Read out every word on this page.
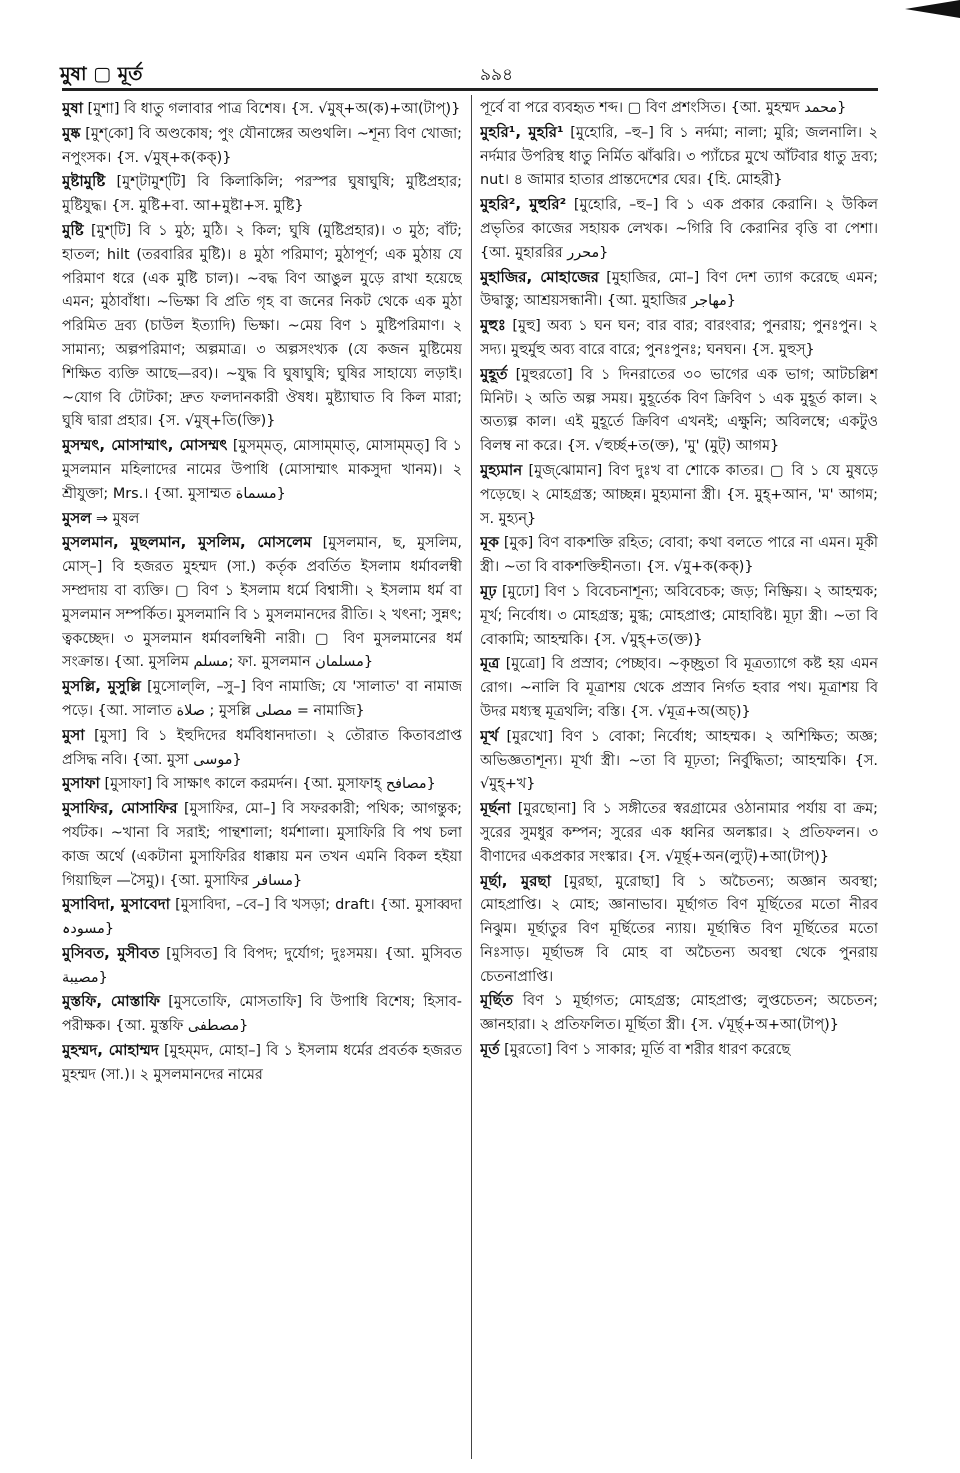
মুষা ▢ মূর্ত	৯৯৪
মুষা [মুশা] বি ধাতু গলাবার পাত্র বিশেষ। {স. √মুষ্+অ(ক)+আ(টাপ্)}
মুষ্ক [মুশ্‌কো] বি অণ্ডকোষ; পুং যৌনাঙ্গের অণ্ডথলি। ~শূন্য বিণ খোজা; নপুংসক। {স. √মুষ্+ক(কক্)}
মুষ্টামুষ্টি [মুশ্‌টামুশ্‌টি] বি কিলাকিলি; পরস্পর ঘুষাঘুষি; মুষ্টিপ্রহার; মুষ্টিযুদ্ধ। {স. মুষ্টি+বা. আ+মুষ্টা+স. মুষ্টি}
মুষ্টি [মুশ্‌টি] বি ১ মুঠ; মুঠি। ২ কিল; ঘুষি (মুষ্টিপ্রহার)। ৩ মুঠ; বাঁট; হাতল; hilt (তরবারির মুষ্টি)। ৪ মুঠা পরিমাণ; মুঠাপূর্ণ; এক মুঠায় যে পরিমাণ ধরে (এক মুষ্টি চাল)। ~বদ্ধ বিণ আঙুল মুড়ে রাখা হয়েছে এমন; মুঠাবাঁধা। ~ভিক্ষা বি প্রতি গৃহ বা জনের নিকট থেকে এক মুঠা পরিমিত দ্রব্য (চাউল ইত্যাদি) ভিক্ষা। ~মেয় বিণ ১ মুষ্টিপরিমাণ। ২ সামান্য; অল্পপরিমাণ; অল্পমাত্র। ৩ অল্পসংখ্যক (যে কজন মুষ্টিমেয় শিক্ষিত ব্যক্তি আছে—রব)। ~যুদ্ধ বি ঘুষাঘুষি; ঘুষির সাহায্যে লড়াই। ~যোগ বি টোটকা; দ্রুত ফলদানকারী ঔষধ। মুষ্ট্যাঘাত বি কিল মারা; ঘুষি দ্বারা প্রহার। {স. √মুষ্+তি(ক্তি)}
মুসম্মৎ, মোসাম্মাৎ, মোসম্মৎ [মুসম্‌মত্‌, মোসাম্‌মাত্‌, মোসাম্‌মত্‌] বি ১ মুসলমান মহিলাদের নামের উপাধি (মোসাম্মাৎ মাকসুদা খানম)। ২ শ্রীযুক্তা; Mrs.। {আ. মুসাম্মত مسماة}
মুসল ⇒ মুষল
মুসলমান, মুছলমান, মুসলিম, মোসলেম [মুসলমান, ছ, মুসলিম, মোস্‌–] বি হজরত মুহম্মদ (সা.) কর্তৃক প্রবর্তিত ইসলাম ধর্মাবলম্বী সম্প্রদায় বা ব্যক্তি। ▢ বিণ ১ ইসলাম ধর্মে বিশ্বাসী। ২ ইসলাম ধর্ম বা মুসলমান সম্পর্কিত। মুসলমানি বি ১ মুসলমানদের রীতি। ২ খৎনা; সুন্নৎ; ত্বকচ্ছেদ। ৩ মুসলমান ধর্মাবলম্বিনী নারী। ▢ বিণ মুসলমানের ধর্ম সংক্রান্ত। {আ. মুসলিম مسلم; ফা. মুসলমান مسلمان}
মুসল্লি, মুসুল্লি [মুসোল্‌লি, –সু–] বিণ নামাজি; যে 'সালাত' বা নামাজ পড়ে। {আ. সালাত صلاة ; মুসল্লি مصلی = নামাজি}
মুসা [মুসা] বি ১ ইহুদিদের ধর্মবিধানদাতা। ২ তৌরাত কিতাবপ্রাপ্ত প্রসিদ্ধ নবি। {আ. মুসা موسی}
মুসাফা [মুসাফা] বি সাক্ষাৎ কালে করমর্দন। {আ. মুসাফাহ্‌ مصافح}
মুসাফির, মোসাফির [মুসাফির, মো–] বি সফরকারী; পথিক; আগন্তুক; পর্যটক। ~খানা বি সরাই; পান্থশালা; ধর্মশালা। মুসাফিরি বি পথ চলা কাজ অর্থে (একটানা মুসাফিরির ধাক্কায় মন তখন এমনি বিকল হইয়া গিয়াছিল —সৈমু)। {আ. মুসাফির مسافر}
মুসাবিদা, মুসাবেদা [মুসাবিদা, –বে–] বি খসড়া; draft। {আ. মুসাব্বদা مسودہ}
মুসিবত, মুসীবত [মুসিবত] বি বিপদ; দুর্যোগ; দুঃসময়। {আ. মুসিবত مصیبة}
মুস্তফি, মোস্তাফি [মুসতোফি, মোসতাফি] বি উপাধি বিশেষ; হিসাব-পরীক্ষক। {আ. মুস্তফি مصطفى}
মুহম্মদ, মোহাম্মদ [মুহম্‌মদ, মোহা–] বি ১ ইসলাম ধর্মের প্রবর্তক হজরত মুহম্মদ (সা.)। ২ মুসলমানদের নামের
পূর্বে বা পরে ব্যবহৃত শব্দ। ▢ বিণ প্রশংসিত। {আ. মুহম্মদ محمد}
মুহরি¹, মুহরি¹ [মুহোরি, –হু–] বি ১ নর্দমা; নালা; মুরি; জলনালি। ২ নর্দমার উপরিস্থ ধাতু নির্মিত ঝাঁঝরি। ৩ প্যাঁচের মুখে আঁটবার ধাতু দ্রব্য; nut। ৪ জামার হাতার প্রান্তদেশের ঘের। {হি. মোহরী}
মুহরি², মুহুরি² [মুহোরি, –হু–] বি ১ এক প্রকার কেরানি। ২ উকিল প্রভৃতির কাজের সহায়ক লেখক। ~গিরি বি কেরানির বৃত্তি বা পেশা। {আ. মুহাররির محرر}
মুহাজির, মোহাজের [মুহাজির, মো–] বিণ দেশ ত্যাগ করেছে এমন; উদ্বাস্তু; আশ্রয়সন্ধানী। {আ. মুহাজির مهاجر}
মুহুঃ [মুহু] অব্য ১ ঘন ঘন; বার বার; বারংবার; পুনরায়; পুনঃপুন। ২ সদ্য। মুহুর্মুহু অব্য বারে বারে; পুনঃপুনঃ; ঘনঘন। {স. মুহুস্}
মুহূর্ত [মুহুরতো] বি ১ দিনরাতের ৩০ ভাগের এক ভাগ; আটচল্লিশ মিনিট। ২ অতি অল্প সময়। মুহূর্তেক বিণ ক্রিবিণ ১ এক মুহূর্ত কাল। ২ অত্যল্প কাল। এই মুহূর্তে ক্রিবিণ এখনই; এক্ষুনি; অবিলম্বে; একটুও বিলম্ব না করে। {স. √হুর্চ্ছ+ত(ক্ত), 'মু' (মুট্) আগম}
মুহ্যমান [মুজ্‌ঝোমান] বিণ দুঃখ বা শোকে কাতর। ▢ বি ১ যে মুষড়ে পড়েছে। ২ মোহগ্রস্ত; আচ্ছন্ন। মুহ্যমানা স্ত্রী। {স. মুহ্+আন, 'ম' আগম; স. মুহ্যন্}
মূক [মুক] বিণ বাকশক্তি রহিত; বোবা; কথা বলতে পারে না এমন। মূকী স্ত্রী। ~তা বি বাকশক্তিহীনতা। {স. √মু+ক(কক্)}
মূঢ় [মুঢো] বিণ ১ বিবেচনাশূন্য; অবিবেচক; জড়; নিষ্ক্রিয়। ২ আহম্মক; মূর্খ; নির্বোধ। ৩ মোহগ্রস্ত; মুগ্ধ; মোহপ্রাপ্ত; মোহাবিষ্ট। মূঢ়া স্ত্রী। ~তা বি বোকামি; আহম্মকি। {স. √মুহ্+ত(ক্ত)}
মূত্র [মুত্রো] বি প্রস্রাব; পেচ্ছাব। ~কৃচ্ছ্রতা বি মূত্রত্যাগে কষ্ট হয় এমন রোগ। ~নালি বি মূত্রাশয় থেকে প্রস্রাব নির্গত হবার পথ। মূত্রাশয় বি উদর মধ্যস্থ মূত্রথলি; বস্তি। {স. √মূত্র+অ(অচ্)}
মূর্খ [মুরখো] বিণ ১ বোকা; নির্বোধ; আহম্মক। ২ অশিক্ষিত; অজ্ঞ; অভিজ্ঞতাশূন্য। মূর্খা স্ত্রী। ~তা বি মূঢ়তা; নির্বুদ্ধিতা; আহম্মকি। {স. √মুহ্+খ}
মূর্ছনা [মুরছোনা] বি ১ সঙ্গীতের স্বরগ্রামের ওঠানামার পর্যায় বা ক্রম; সুরের সুমধুর কম্পন; সুরের এক ধ্বনির অলঙ্কার। ২ প্রতিফলন। ৩ বীণাদের একপ্রকার সংস্কার। {স. √মূর্ছ্+অন(ল্যুট্)+আ(টাপ্)}
মূর্ছা, মুরছা [মুরছা, মুরোছা] বি ১ অচৈতন্য; অজ্ঞান অবস্থা; মোহপ্রাপ্তি। ২ মোহ; জ্ঞানাভাব। মূর্ছাগত বিণ মূর্ছিতের মতো নীরব নিঝুম। মূর্ছাতুর বিণ মূর্ছিতের ন্যায়। মূর্ছান্বিত বিণ মূর্ছিতের মতো নিঃসাড়। মূর্ছাভঙ্গ বি মোহ বা অচৈতন্য অবস্থা থেকে পুনরায় চেতনাপ্রাপ্তি।
মূর্ছিত বিণ ১ মূর্ছাগত; মোহগ্রস্ত; মোহপ্রাপ্ত; লুপ্তচেতন; অচেতন; জ্ঞানহারা। ২ প্রতিফলিত। মূর্ছিতা স্ত্রী। {স. √মূর্ছ্+অ+আ(টাপ্)}
মূর্ত [মুরতো] বিণ ১ সাকার; মূর্তি বা শরীর ধারণ করেছে
